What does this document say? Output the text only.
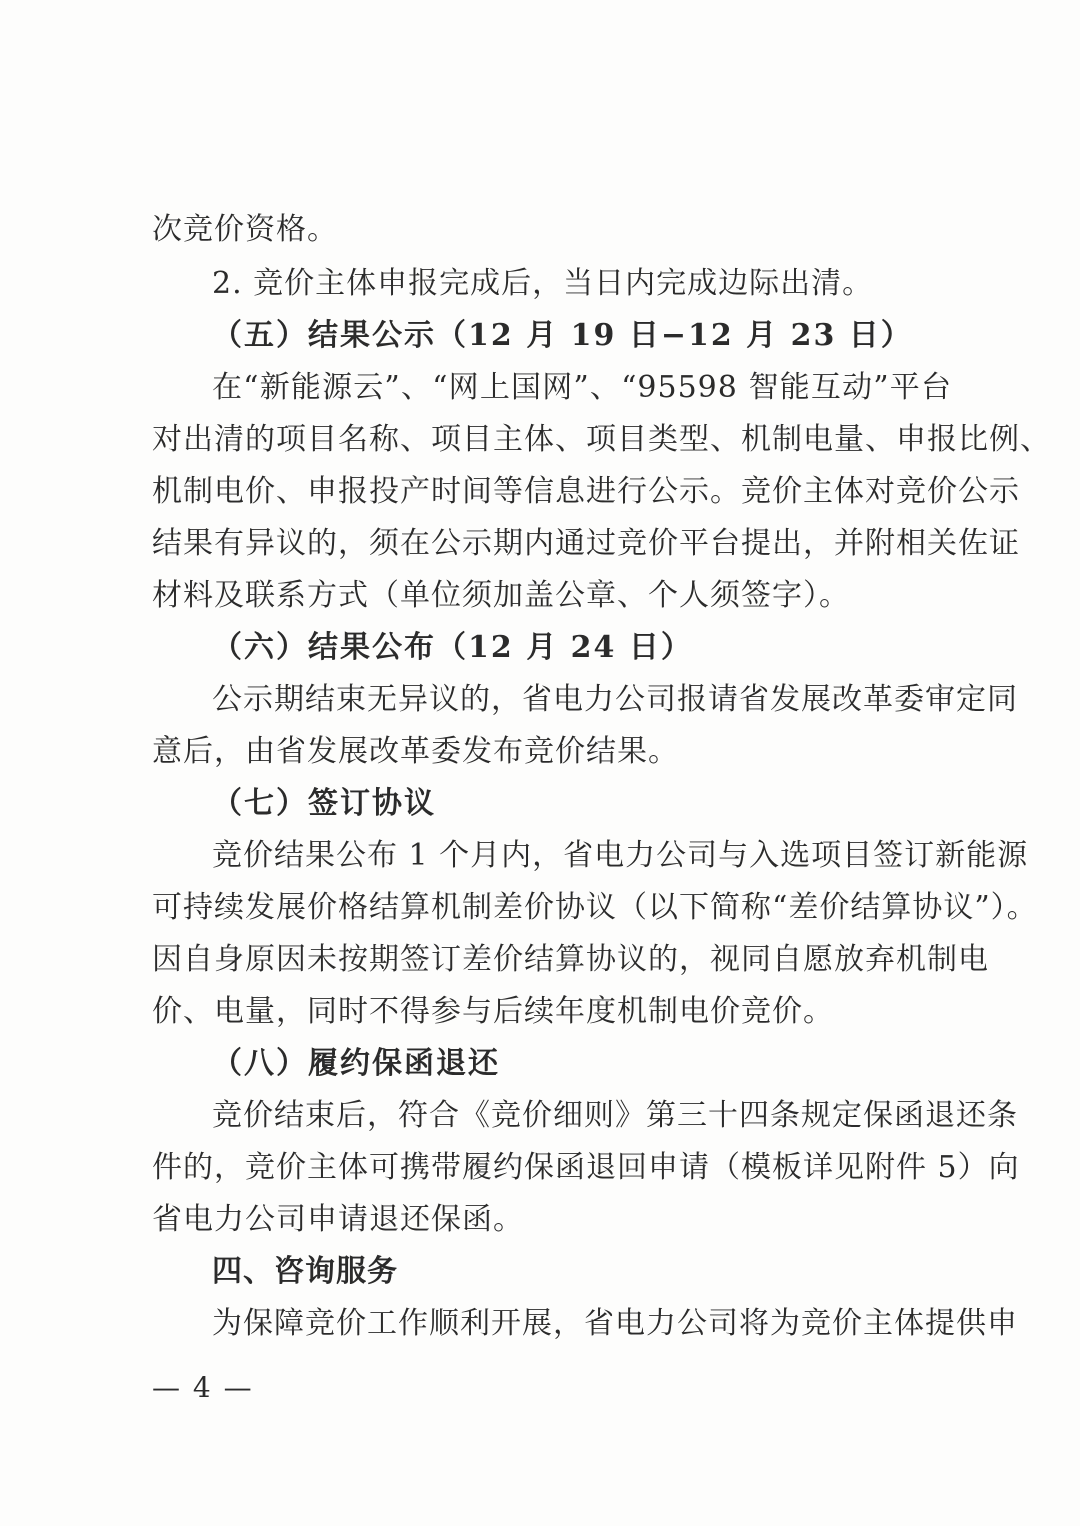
次竞价资格。
2. 竞价主体申报完成后，当日内完成边际出清。
（五）结果公示（12 月 19 日−12 月 23 日）
在“新能源云”、“网上国网”、“95598 智能互动”平台
对出清的项目名称、项目主体、项目类型、机制电量、申报比例、
机制电价、申报投产时间等信息进行公示。竞价主体对竞价公示
结果有异议的，须在公示期内通过竞价平台提出，并附相关佐证
材料及联系方式（单位须加盖公章、个人须签字）。
（六）结果公布（12 月 24 日）
公示期结束无异议的，省电力公司报请省发展改革委审定同
意后，由省发展改革委发布竞价结果。
（七）签订协议
竞价结果公布 1 个月内，省电力公司与入选项目签订新能源
可持续发展价格结算机制差价协议（以下简称“差价结算协议”）。
因自身原因未按期签订差价结算协议的，视同自愿放弃机制电
价、电量，同时不得参与后续年度机制电价竞价。
（八）履约保函退还
竞价结束后，符合《竞价细则》第三十四条规定保函退还条
件的，竞价主体可携带履约保函退回申请（模板详见附件 5）向
省电力公司申请退还保函。
四、咨询服务
为保障竞价工作顺利开展，省电力公司将为竞价主体提供申
— 4 —
